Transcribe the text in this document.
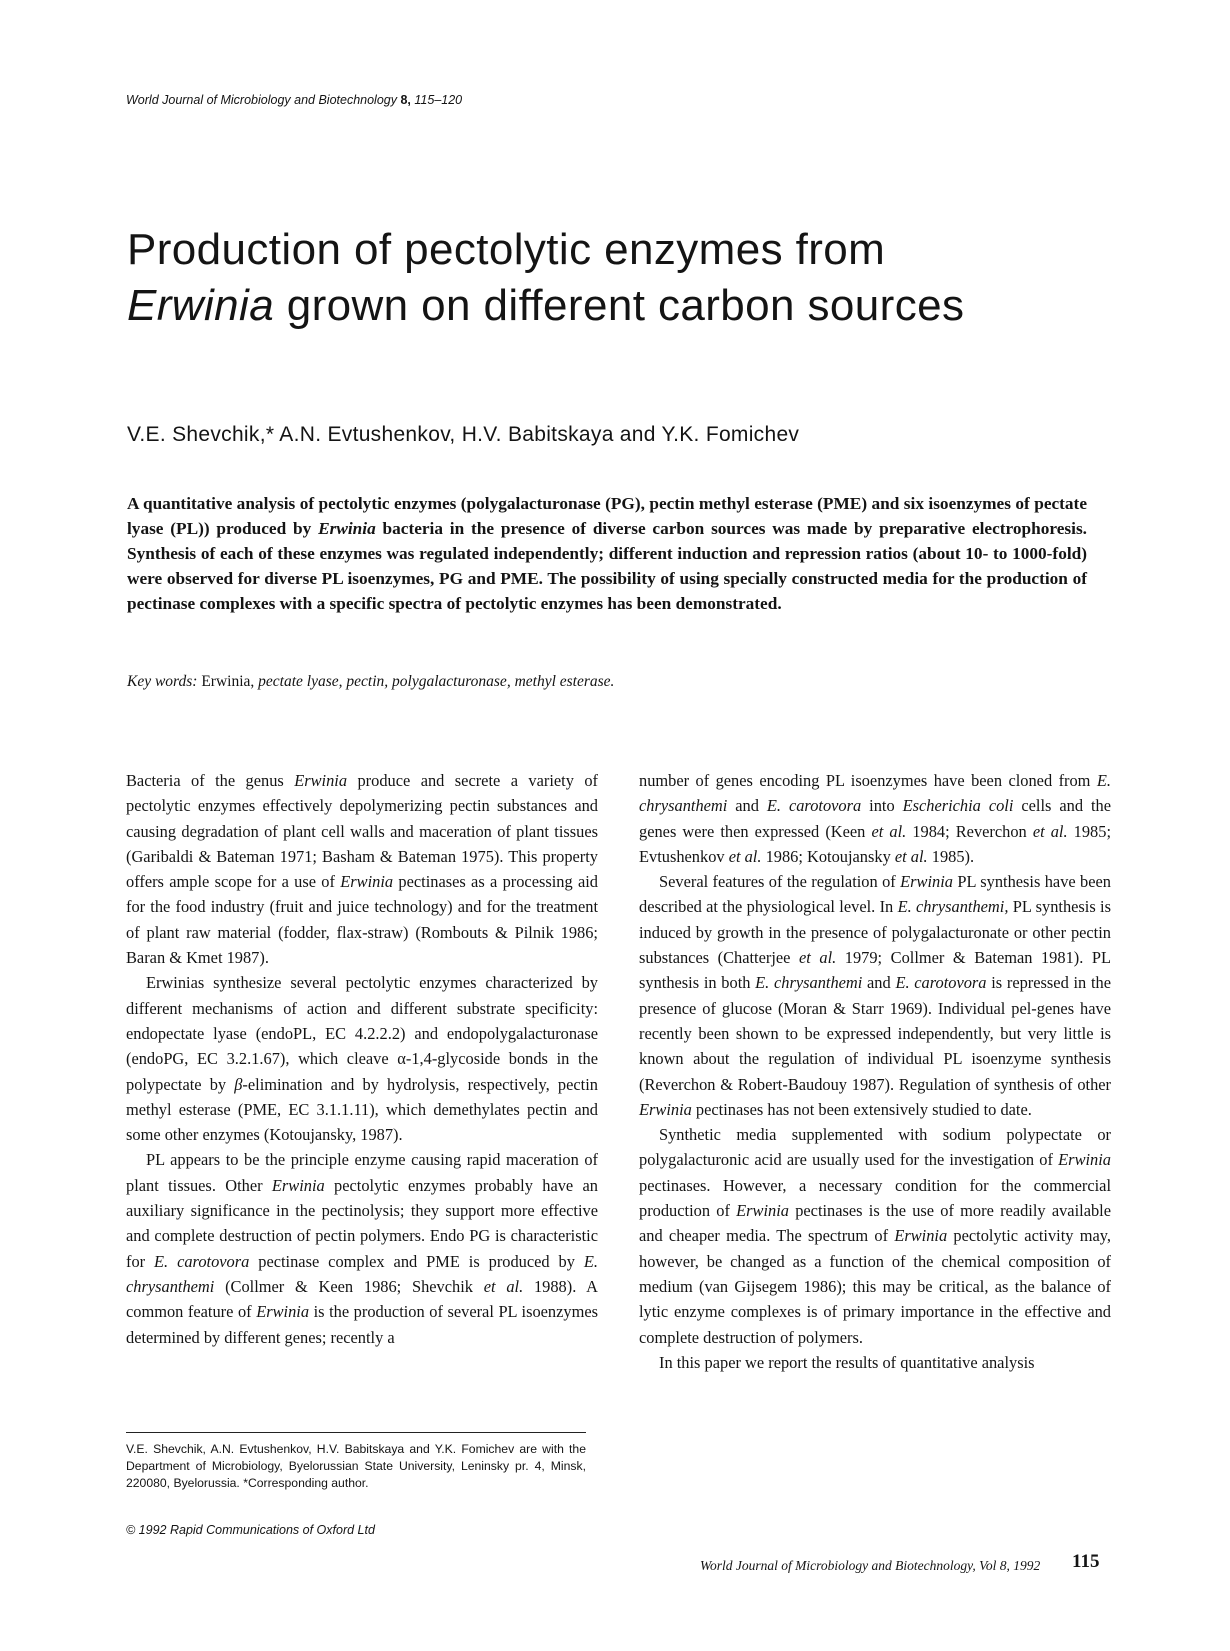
World Journal of Microbiology and Biotechnology 8, 115–120
Production of pectolytic enzymes from
Erwinia grown on different carbon sources
V.E. Shevchik,* A.N. Evtushenkov, H.V. Babitskaya and Y.K. Fomichev

A quantitative analysis of pectolytic enzymes (polygalacturonase (PG), pectin methyl esterase (PME) and six isoenzymes of pectate lyase (PL)) produced by Erwinia bacteria in the presence of diverse carbon sources was made by preparative electrophoresis. Synthesis of each of these enzymes was regulated independently; different induction and repression ratios (about 10- to 1000-fold) were observed for diverse PL isoenzymes, PG and PME. The possibility of using specially constructed media for the production of pectinase complexes with a specific spectra of pectolytic enzymes has been demonstrated.

Key words: Erwinia, pectate lyase, pectin, polygalacturonase, methyl esterase.

Bacteria of the genus Erwinia produce and secrete a variety of pectolytic enzymes effectively depolymerizing pectin substances and causing degradation of plant cell walls and maceration of plant tissues (Garibaldi & Bateman 1971; Basham & Bateman 1975). This property offers ample scope for a use of Erwinia pectinases as a processing aid for the food industry (fruit and juice technology) and for the treatment of plant raw material (fodder, flax-straw) (Rombouts & Pilnik 1986; Baran & Kmet 1987).

Erwinias synthesize several pectolytic enzymes characterized by different mechanisms of action and different substrate specificity: endopectate lyase (endoPL, EC 4.2.2.2) and endopolygalacturonase (endoPG, EC 3.2.1.67), which cleave α-1,4-glycoside bonds in the polypectate by β-elimination and by hydrolysis, respectively, pectin methyl esterase (PME, EC 3.1.1.11), which demethylates pectin and some other enzymes (Kotoujansky, 1987).

PL appears to be the principle enzyme causing rapid maceration of plant tissues. Other Erwinia pectolytic enzymes probably have an auxiliary significance in the pectinolysis; they support more effective and complete destruction of pectin polymers. Endo PG is characteristic for E. carotovora pectinase complex and PME is produced by E. chrysanthemi (Collmer & Keen 1986; Shevchik et al. 1988). A common feature of Erwinia is the production of several PL isoenzymes determined by different genes; recently a

number of genes encoding PL isoenzymes have been cloned from E. chrysanthemi and E. carotovora into Escherichia coli cells and the genes were then expressed (Keen et al. 1984; Reverchon et al. 1985; Evtushenkov et al. 1986; Kotoujansky et al. 1985).

Several features of the regulation of Erwinia PL synthesis have been described at the physiological level. In E. chrysanthemi, PL synthesis is induced by growth in the presence of polygalacturonate or other pectin substances (Chatterjee et al. 1979; Collmer & Bateman 1981). PL synthesis in both E. chrysanthemi and E. carotovora is repressed in the presence of glucose (Moran & Starr 1969). Individual pel-genes have recently been shown to be expressed independently, but very little is known about the regulation of individual PL isoenzyme synthesis (Reverchon & Robert-Baudouy 1987). Regulation of synthesis of other Erwinia pectinases has not been extensively studied to date.

Synthetic media supplemented with sodium polypectate or polygalacturonic acid are usually used for the investigation of Erwinia pectinases. However, a necessary condition for the commercial production of Erwinia pectinases is the use of more readily available and cheaper media. The spectrum of Erwinia pectolytic activity may, however, be changed as a function of the chemical composition of medium (van Gijsegem 1986); this may be critical, as the balance of lytic enzyme complexes is of primary importance in the effective and complete destruction of polymers.

In this paper we report the results of quantitative analysis

V.E. Shevchik, A.N. Evtushenkov, H.V. Babitskaya and Y.K. Fomichev are with the Department of Microbiology, Byelorussian State University, Leninsky pr. 4, Minsk, 220080, Byelorussia. *Corresponding author.
© 1992 Rapid Communications of Oxford Ltd
World Journal of Microbiology and Biotechnology, Vol 8, 1992 115
